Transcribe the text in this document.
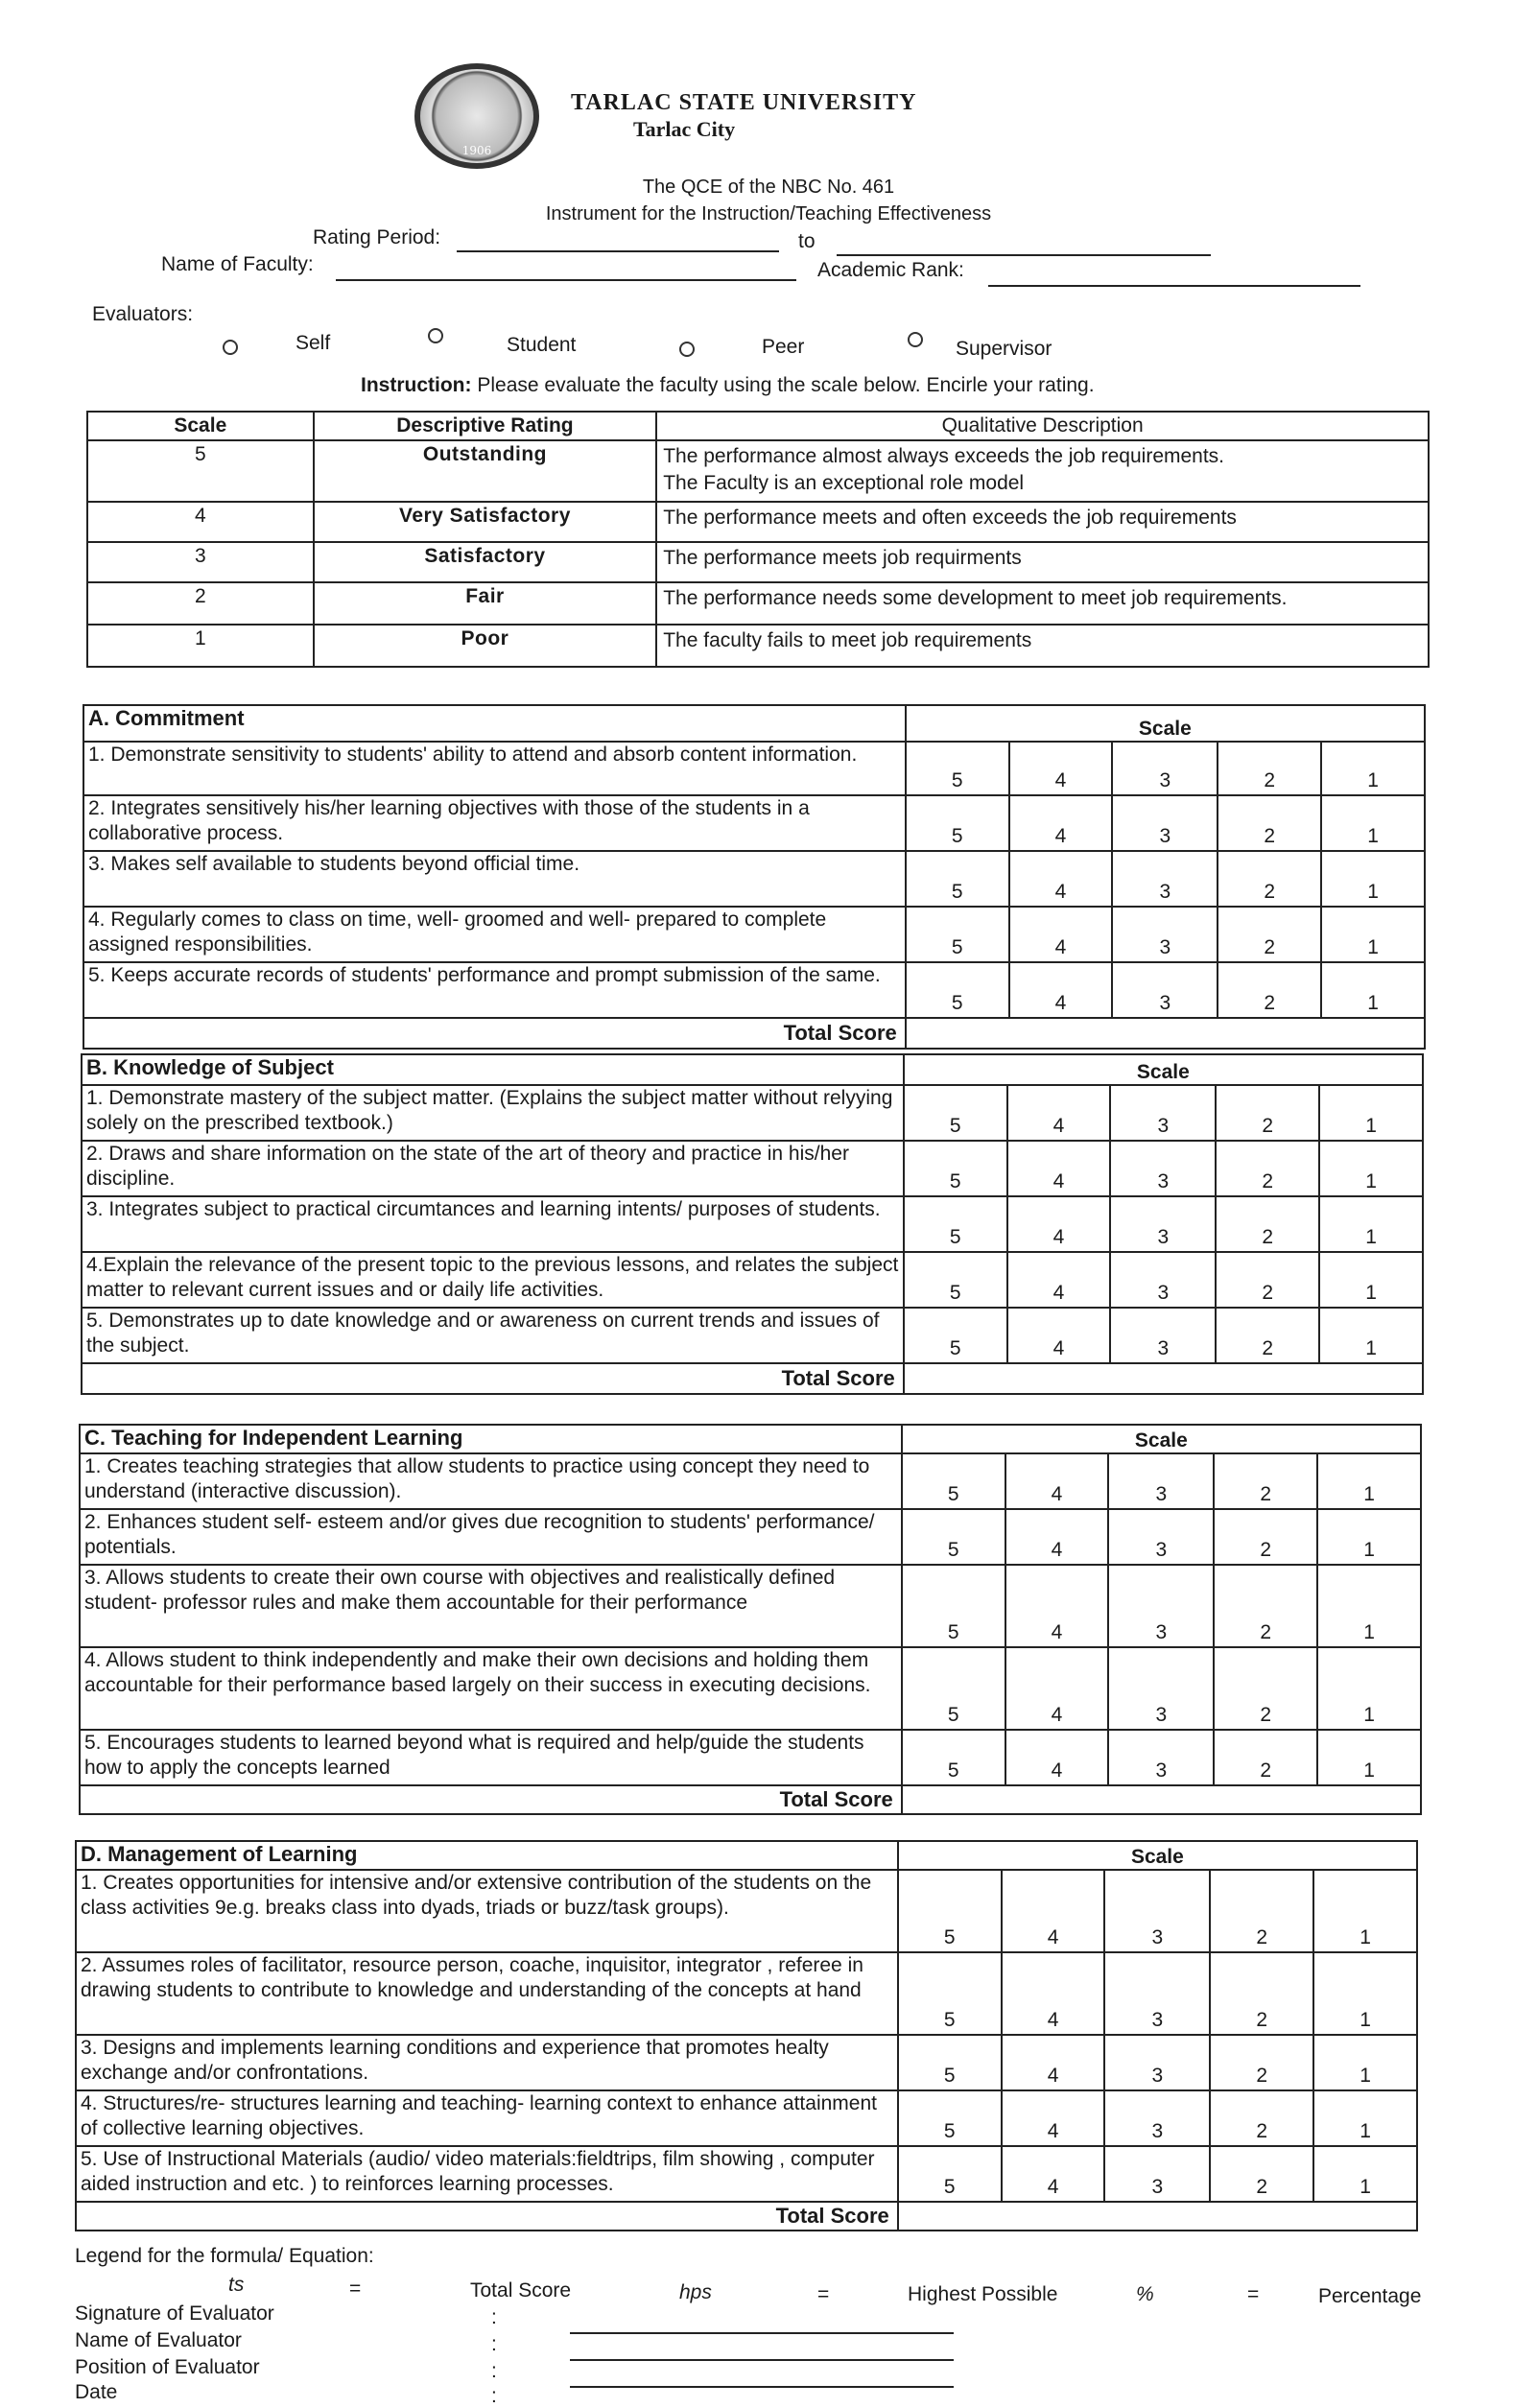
1906
TARLAC STATE UNIVERSITY
Tarlac City
The QCE of the NBC No. 461
Instrument for the Instruction/Teaching Effectiveness
Rating Period:	to
Name of Faculty:	Academic Rank:
Evaluators:
Self	Student	Peer	Supervisor
Instruction: Please evaluate the faculty using the scale below. Encirle your rating.
Scale	Descriptive Rating	Qualitative Description
5	Outstanding	The performance almost always exceeds the job requirements.
The Faculty is an exceptional role model

4	Very Satisfactory	The performance meets and often exceeds the job requirements
3	Satisfactory	The performance meets job requirments
2	Fair	The performance needs some development to meet job requirements.
1	Poor	The faculty fails to meet job requirements
A. Commitment	Scale				
1. Demonstrate sensitivity to students' ability to attend and absorb content information.	5	4	3	2	1
2. Integrates sensitively his/her learning objectives with those of the students in a collaborative process.	5	4	3	2	1
3. Makes self available to students beyond official time.	5	4	3	2	1
4. Regularly comes to class on time, well- groomed and well- prepared to complete assigned responsibilities.	5	4	3	2	1
5. Keeps accurate records of students' performance and prompt submission of the same.	5	4	3	2	1
Total Score					
B. Knowledge of Subject	Scale				
1. Demonstrate mastery of the subject matter. (Explains the subject matter without relyying solely on the prescribed textbook.)	5	4	3	2	1
2. Draws and share information on the state of the art of theory and practice in his/her discipline.	5	4	3	2	1
3. Integrates subject to practical circumtances and learning intents/ purposes of students.	5	4	3	2	1
4.Explain the relevance of the present topic to the previous lessons, and relates the subject matter to relevant current issues and or daily life activities.	5	4	3	2	1
5. Demonstrates up to date knowledge and or awareness on current trends and issues of the subject.	5	4	3	2	1
Total Score					
C. Teaching for Independent Learning	Scale				
1. Creates teaching strategies that allow students to practice using concept they need to understand (interactive discussion).	5	4	3	2	1
2. Enhances student self- esteem and/or gives due recognition to students' performance/ potentials.	5	4	3	2	1
3. Allows students to create their own course with objectives and realistically defined student- professor rules and make them accountable for their performance	5	4	3	2	1
4. Allows student to think independently and make their own decisions and holding them accountable for their performance based largely on their success in executing decisions.	5	4	3	2	1
5. Encourages students to learned beyond what is required and help/guide the students how to apply the concepts learned	5	4	3	2	1
Total Score					
D. Management of Learning	Scale				
1. Creates opportunities for intensive and/or extensive contribution of the students on the class activities 9e.g. breaks class into dyads, triads or buzz/task groups).	5	4	3	2	1
2. Assumes roles of facilitator, resource person, coache, inquisitor, integrator , referee in drawing students to contribute to knowledge and understanding of the concepts at hand	5	4	3	2	1
3. Designs and implements learning conditions and experience that promotes healty exchange and/or confrontations.	5	4	3	2	1
4. Structures/re- structures learning and teaching- learning context to enhance attainment of collective learning objectives.	5	4	3	2	1
5. Use of Instructional Materials (audio/ video materials:fieldtrips, film showing , computer aided instruction and etc. ) to reinforces learning processes.	5	4	3	2	1
Total Score					
Legend for the formula/ Equation:
ts	=	Total Score	hps	=	Highest Possible	%	=	Percentage
Signature of Evaluator	:
Name of Evaluator	:
Position of Evaluator	:
Date	:
